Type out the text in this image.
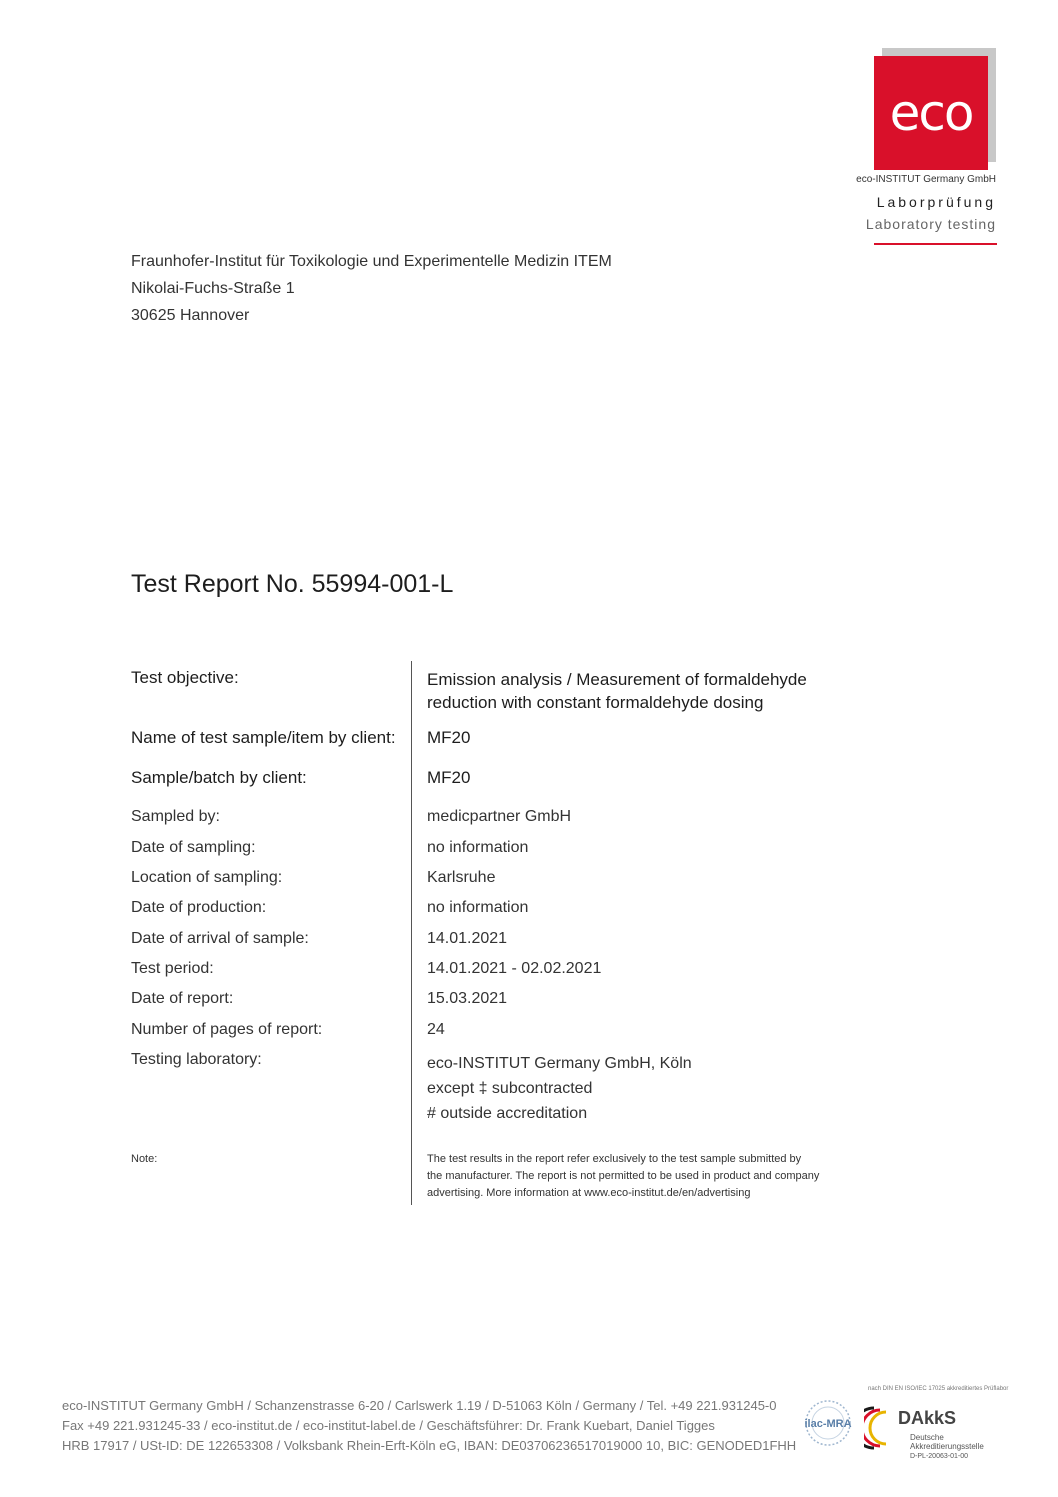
eco
eco-INSTITUT Germany GmbH
Laborprüfung
Laboratory testing
Fraunhofer-Institut für Toxikologie und Experimentelle Medizin ITEM
Nikolai-Fuchs-Straße 1
30625 Hannover
Test Report No. 55994-001-L
Test objective:	Emission analysis / Measurement of formaldehyde
reduction with constant formaldehyde dosing
Name of test sample/item by client: MF20
Sample/batch by client:	MF20
Sampled by:	medicpartner GmbH
Date of sampling:	no information
Location of sampling:	Karlsruhe
Date of production:	no information
Date of arrival of sample:	14.01.2021
Test period:	14.01.2021 - 02.02.2021
Date of report:	15.03.2021
Number of pages of report:	24
Testing laboratory:	eco-INSTITUT Germany GmbH, Köln
except ‡ subcontracted
# outside accreditation
Note:	The test results in the report refer exclusively to the test sample submitted by
the manufacturer. The report is not permitted to be used in product and company
advertising. More information at www.eco-institut.de/en/advertising
eco-INSTITUT Germany GmbH / Schanzenstrasse 6-20 / Carlswerk 1.19 / D-51063 Köln / Germany / Tel. +49 221.931245-0
Fax +49 221.931245-33 / eco-institut.de / eco-institut-label.de / Geschäftsführer: Dr. Frank Kuebart, Daniel Tigges
HRB 17917 / USt-ID: DE 122653308 / Volksbank Rhein-Erft-Köln eG, IBAN: DE03706236517019000 10, BIC: GENODED1FHH
nach DIN EN ISO/IEC 17025 akkreditiertes Prüflabor
ilac-MRA	DAkkS
Deutsche
Akkreditierungsstelle
D-PL-20063-01-00
